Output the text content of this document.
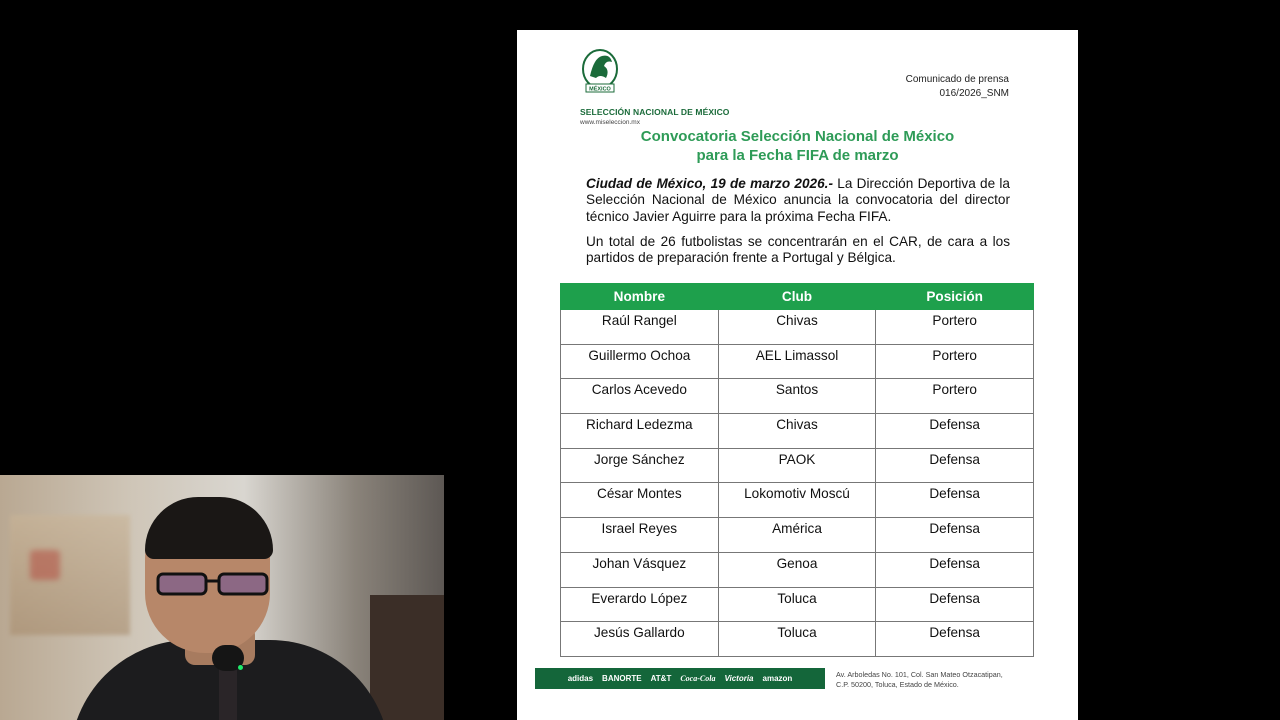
MÉXICO
SELECCIÓN NACIONAL DE MÉXICO
www.miseleccion.mx
Comunicado de prensa
016/2026_SNM
Convocatoria Selección Nacional de México
para la Fecha FIFA de marzo
Ciudad de México, 19 de marzo 2026.- La Dirección Deportiva de la Selección Nacional de México anuncia la convocatoria del director técnico Javier Aguirre para la próxima Fecha FIFA.
Un total de 26 futbolistas se concentrarán en el CAR, de cara a los partidos de preparación frente a Portugal y Bélgica.
Nombre	Club	Posición
Raúl Rangel	Chivas	Portero
Guillermo Ochoa	AEL Limassol	Portero
Carlos Acevedo	Santos	Portero
Richard Ledezma	Chivas	Defensa
Jorge Sánchez	PAOK	Defensa
César Montes	Lokomotiv Moscú	Defensa
Israel Reyes	América	Defensa
Johan Vásquez	Genoa	Defensa
Everardo López	Toluca	Defensa
Jesús Gallardo	Toluca	Defensa
adidas BANORTE AT&T Coca-Cola Victoria amazon	Av. Arboledas No. 101, Col. San Mateo Otzacatipan,
C.P. 50200, Toluca, Estado de México.
